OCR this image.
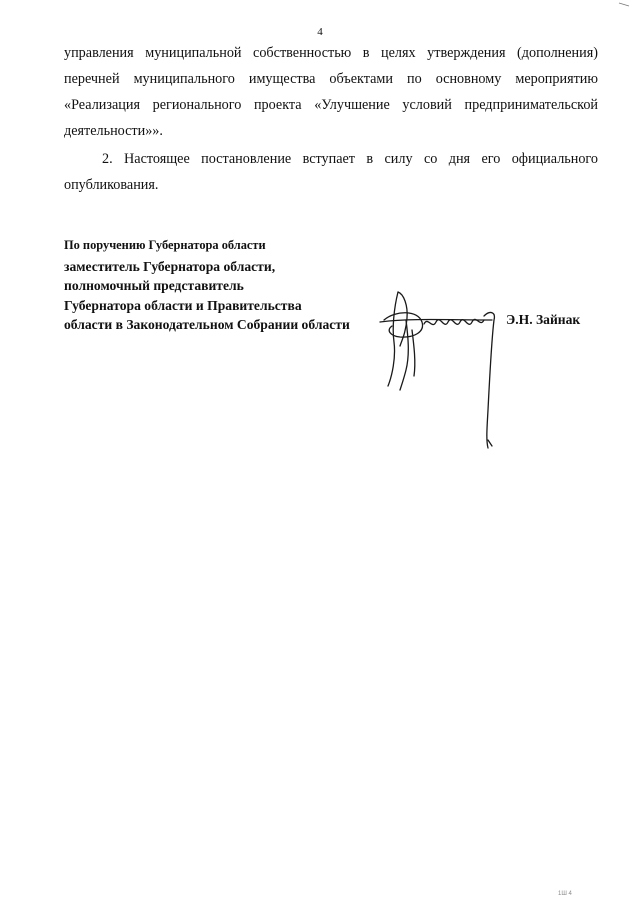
4

управления муниципальной собственностью в целях утверждения (дополнения) перечней муниципального имущества объектами по основному мероприятию «Реализация регионального проекта «Улучшение условий предпринимательской деятельности»».

2. Настоящее постановление вступает в силу со дня его официального опубликования.

По поручению Губернатора области
заместитель Губернатора области,
полномочный представитель
Губернатора области и Правительства
области в Законодательном Собрании области	Э.Н. Зайнак
1Ш 4
